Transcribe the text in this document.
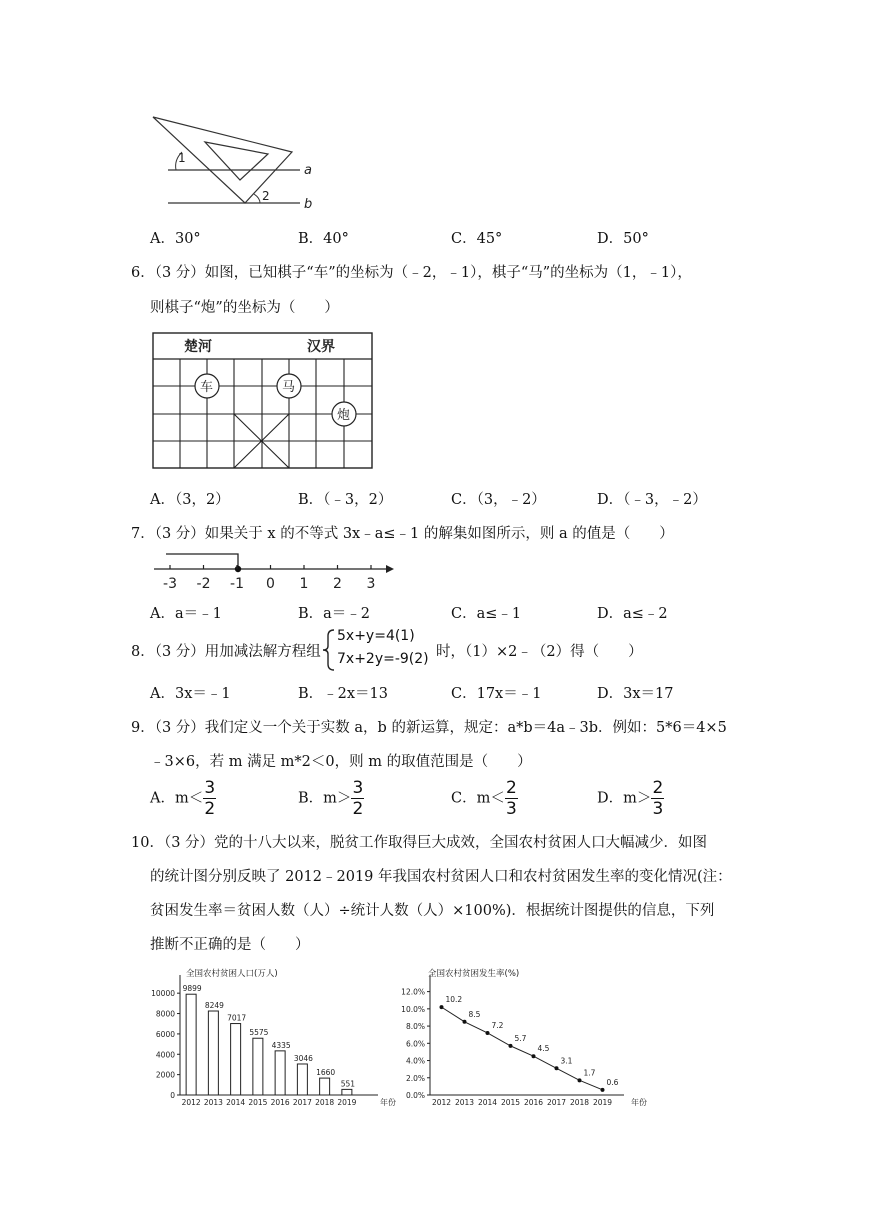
1
2
a
b
A．30°	B．40°	C．45°	D．50°
6．（3 分）如图，已知棋子“车”的坐标为（﹣2，﹣1），棋子“马”的坐标为（1，﹣1），
则棋子“炮”的坐标为（　　）
楚河	汉界
车	马
炮
A．（3，2）	B．（﹣3，2）	C．（3，﹣2）	D．（﹣3，﹣2）
7．（3 分）如果关于 x 的不等式 3x﹣a≤﹣1 的解集如图所示，则 a 的值是（　　）
-3 -2 -1 0 1 2 3
A．a＝﹣1	B．a＝﹣2	C．a≤﹣1	D．a≤﹣2
8．（3 分）用加减法解方程组
5x+y=4(1)
7x+2y=-9(2) 时，（1）×2﹣（2）得（　　）
A．3x＝﹣1	B．﹣2x＝13	C．17x＝﹣1	D．3x＝17
9．（3 分）我们定义一个关于实数 a，b 的新运算，规定：a*b＝4a﹣3b．例如：5*6＝4×5
﹣3×6，若 m 满足 m*2＜0，则 m 的取值范围是（　　）
A．$m< \frac{3}{2}$	B．$m> \frac{3}{2}$	C．$m< \frac{2}{3}$	D．$m> \frac{2}{3}$
10．（3 分）党的十八大以来，脱贫工作取得巨大成效，全国农村贫困人口大幅减少．如图
的统计图分别反映了 2012﹣2019 年我国农村贫困人口和农村贫困发生率的变化情况(注：
贫困发生率＝贫困人数（人）÷统计人数（人）×100%)．根据统计图提供的信息，下列
推断不正确的是（　　）
全国农村贫困人口(万人)
0
2000
4000
6000
8000
10000
9899
2012
8249
2013
7017
2014
5575
2015
4335
2016
3046
2017
1660
2018
551
2019	年份
全国农村贫困发生率(%)
0.0%
2.0%
4.0%
6.0%
8.0%
10.0%
12.0%
10.2
2012
8.5
2013
7.2
2014
5.7
2015
4.5
2016
3.1
2017
1.7
2018
0.6
2019 年份
